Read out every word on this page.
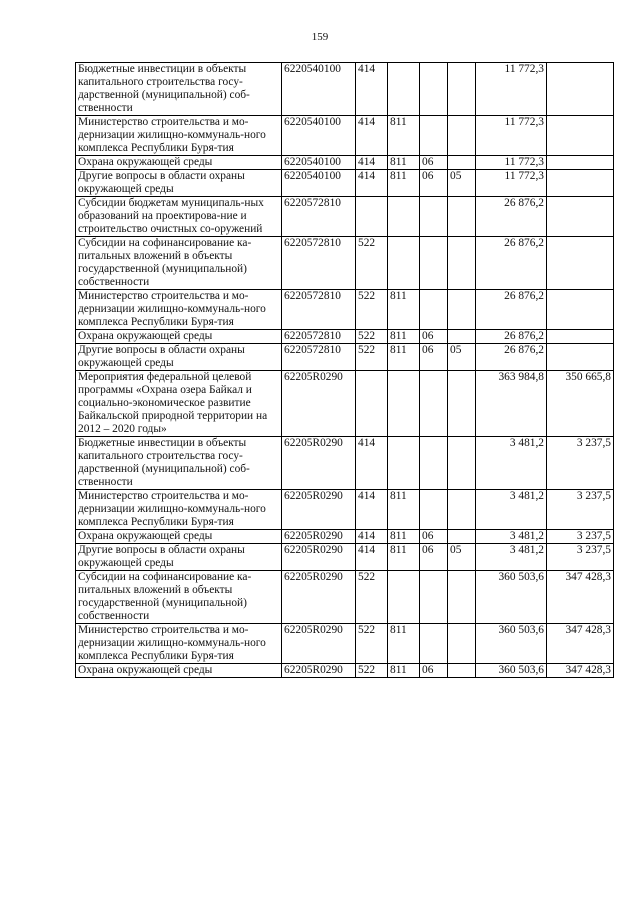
159
Бюджетные инвестиции в объекты капитального строительства госу-дарственной (муниципальной) соб-ственности	6220540100	414				11 772,3	
Министерство строительства и мо-дернизации жилищно-коммуналь-ного комплекса Республики Буря-тия	6220540100	414	811			11 772,3	
Охрана окружающей среды	6220540100	414	811	06		11 772,3	
Другие вопросы в области охраны окружающей среды	6220540100	414	811	06	05	11 772,3	
Субсидии бюджетам муниципаль-ных образований на проектирова-ние и строительство очистных со-оружений	6220572810					26 876,2	
Субсидии на софинансирование ка-питальных вложений в объекты государственной (муниципальной) собственности	6220572810	522				26 876,2	
Министерство строительства и мо-дернизации жилищно-коммуналь-ного комплекса Республики Буря-тия	6220572810	522	811			26 876,2	
Охрана окружающей среды	6220572810	522	811	06		26 876,2	
Другие вопросы в области охраны окружающей среды	6220572810	522	811	06	05	26 876,2	
Мероприятия федеральной целевой программы «Охрана озера Байкал и социально-экономическое развитие Байкальской природной территории на 2012 – 2020 годы»	62205R0290					363 984,8	350 665,8
Бюджетные инвестиции в объекты капитального строительства госу-дарственной (муниципальной) соб-ственности	62205R0290	414				3 481,2	3 237,5
Министерство строительства и мо-дернизации жилищно-коммуналь-ного комплекса Республики Буря-тия	62205R0290	414	811			3 481,2	3 237,5
Охрана окружающей среды	62205R0290	414	811	06		3 481,2	3 237,5
Другие вопросы в области охраны окружающей среды	62205R0290	414	811	06	05	3 481,2	3 237,5
Субсидии на софинансирование ка-питальных вложений в объекты государственной (муниципальной) собственности	62205R0290	522				360 503,6	347 428,3
Министерство строительства и мо-дернизации жилищно-коммуналь-ного комплекса Республики Буря-тия	62205R0290	522	811			360 503,6	347 428,3
Охрана окружающей среды	62205R0290	522	811	06		360 503,6	347 428,3
